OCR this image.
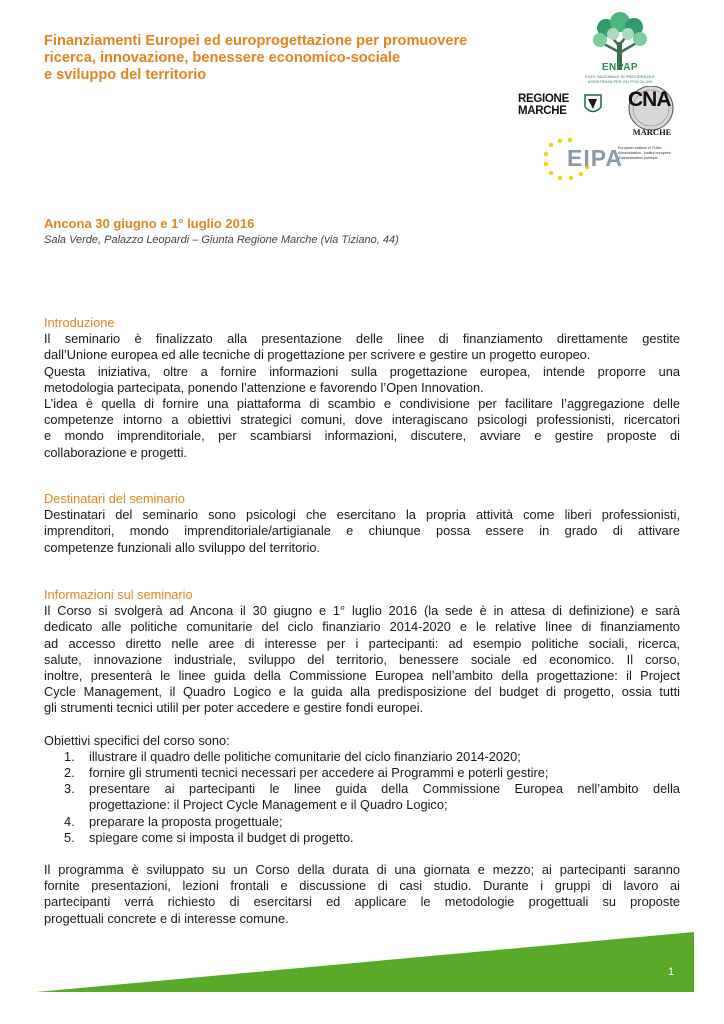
Finanziamenti Europei ed europrogettazione per promuovere
ricerca, innovazione, benessere economico-sociale
e sviluppo del territorio	ENPAP
ENTE NAZIONALE DI PREVIDENZA E ASSISTENZA PER GLI PSICOLOGI
REGIONE
MARCHE	CNA
MARCHE
EIPA
European Institute of Public Administration - Institut européen d'administration publique
Ancona 30 giugno e 1° luglio 2016
Sala Verde, Palazzo Leopardi – Giunta Regione Marche (via Tiziano, 44)
Introduzione
Il seminario è finalizzato alla presentazione delle linee di finanziamento direttamente gestite
dall’Unione europea ed alle tecniche di progettazione per scrivere e gestire un progetto europeo.
Questa iniziativa, oltre a fornire informazioni sulla progettazione europea, intende proporre una
metodologia partecipata, ponendo l’attenzione e favorendo l’Open Innovation.
L’idea è quella di fornire una piattaforma di scambio e condivisione per facilitare l’aggregazione delle
competenze intorno a obiettivi strategici comuni, dove interagiscano psicologi professionisti, ricercatori
e mondo imprenditoriale, per scambiarsi informazioni, discutere, avviare e gestire proposte di
collaborazione e progetti.
Destinatari del seminario
Destinatari del seminario sono psicologi che esercitano la propria attività come liberi professionisti,
imprenditori, mondo imprenditoriale/artigianale e chiunque possa essere in grado di attivare
competenze funzionali allo sviluppo del territorio.
Informazioni sul seminario
Il Corso si svolgerà ad Ancona il 30 giugno e 1° luglio 2016 (la sede è in attesa di definizione) e sarà
dedicato alle politiche comunitarie del ciclo finanziario 2014-2020 e le relative linee di finanziamento
ad accesso diretto nelle aree di interesse per i partecipanti: ad esempio politiche sociali, ricerca,
salute, innovazione industriale, sviluppo del territorio, benessere sociale ed economico. Il corso,
inoltre, presenterà le linee guida della Commissione Europea nell’ambito della progettazione: il Project
Cycle Management, il Quadro Logico e la guida alla predisposizione del budget di progetto, ossia tutti
gli strumenti tecnici utilil per poter accedere e gestire fondi europei.
Obiettivi specifici del corso sono:
1. illustrare il quadro delle politiche comunitarie del ciclo finanziario 2014-2020;
2. fornire gli strumenti tecnici necessari per accedere ai Programmi e poterli gestire;
3. presentare ai partecipanti le linee guida della Commissione Europea nell’ambito della
progettazione: il Project Cycle Management e il Quadro Logico;
4. preparare la proposta progettuale;
5. spiegare come si imposta il budget di progetto.
Il programma è sviluppato su un Corso della durata di una giornata e mezzo; ai partecipanti saranno
fornite presentazioni, lezioni frontali e discussione di casi studio. Durante i gruppi di lavoro ai
partecipanti verrá richiesto di esercitarsi ed applicare le metodologie progettuali su proposte
progettuali concrete e di interesse comune.
1
